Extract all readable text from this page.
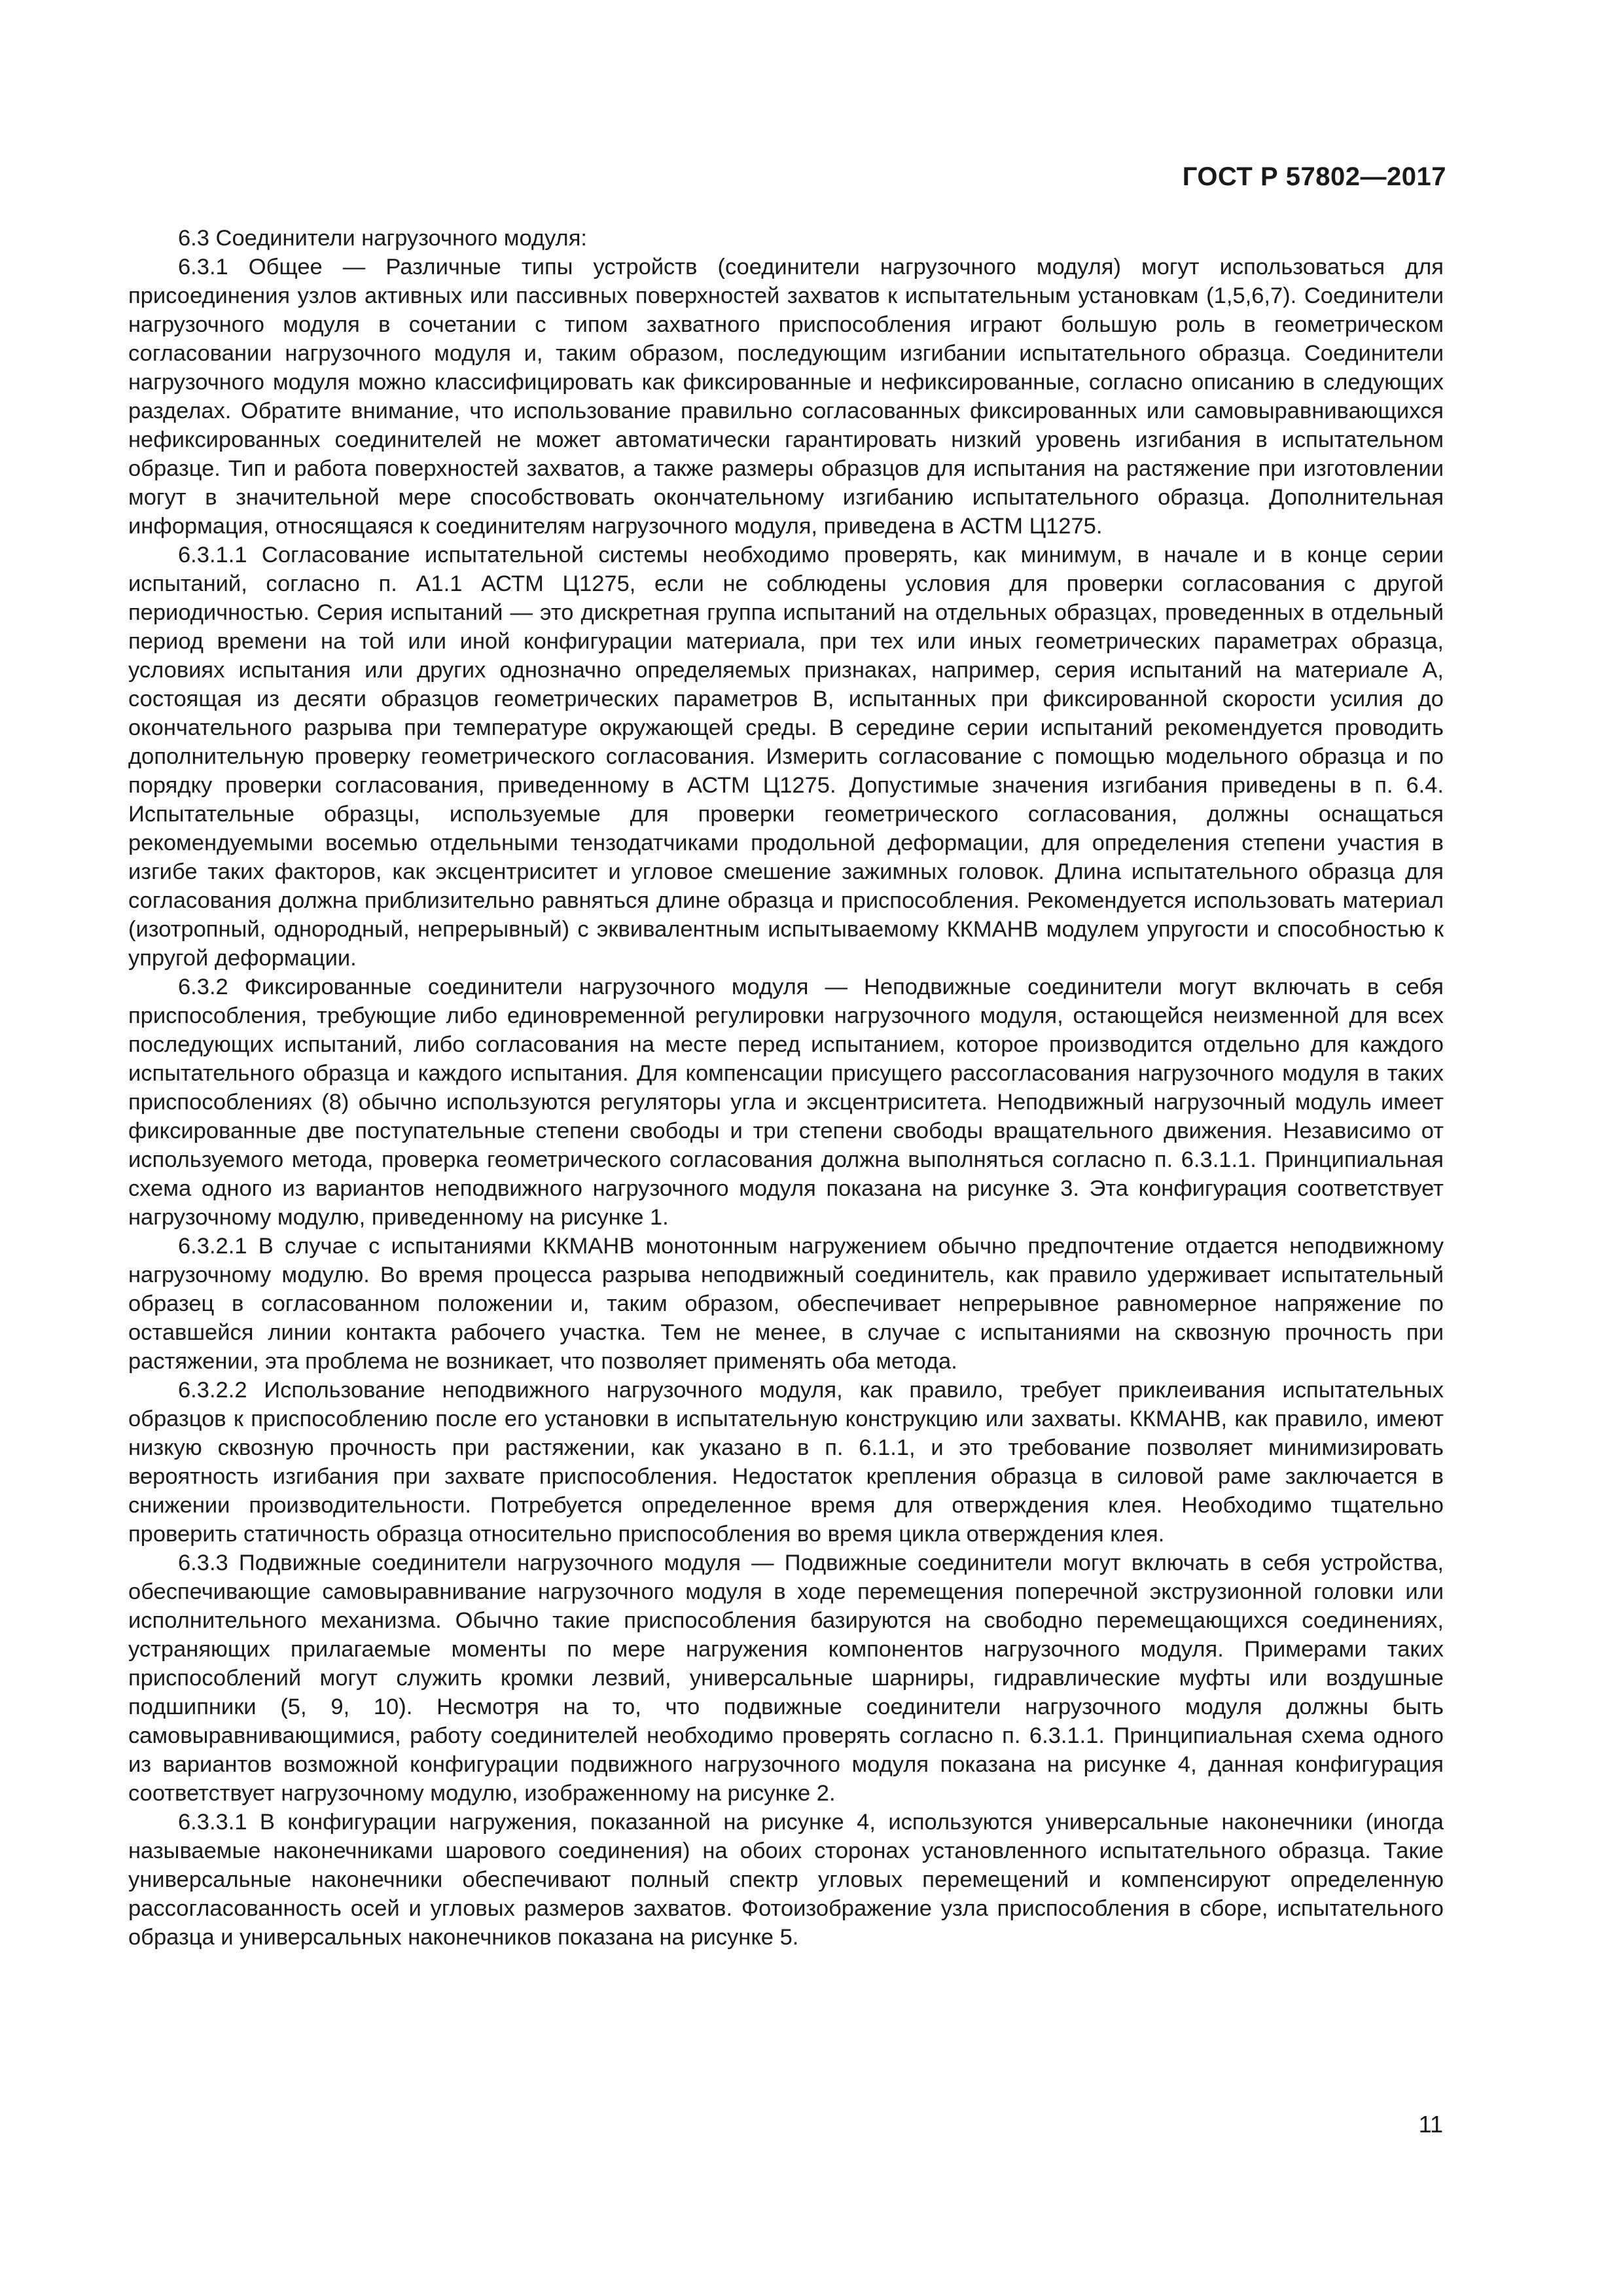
ГОСТ Р 57802—2017

6.3 Соединители нагрузочного модуля:

6.3.1 Общее — Различные типы устройств (соединители нагрузочного модуля) могут использоваться для присоединения узлов активных или пассивных поверхностей захватов к испытательным установкам (1,5,6,7). Соединители нагрузочного модуля в сочетании с типом захватного приспособления играют большую роль в геометрическом согласовании нагрузочного модуля и, таким образом, последующим изгибании испытательного образца. Соединители нагрузочного модуля можно классифицировать как фиксированные и нефиксированные, согласно описанию в следующих разделах. Обратите внимание, что использование правильно согласованных фиксированных или самовыравнивающихся нефиксированных соединителей не может автоматически гарантировать низкий уровень изгибания в испытательном образце. Тип и работа поверхностей захватов, а также размеры образцов для испытания на растяжение при изготовлении могут в значительной мере способствовать окончательному изгибанию испытательного образца. Дополнительная информация, относящаяся к соединителям нагрузочного модуля, приведена в АСТМ Ц1275.

6.3.1.1 Согласование испытательной системы необходимо проверять, как минимум, в начале и в конце серии испытаний, согласно п. А1.1 АСТМ Ц1275, если не соблюдены условия для проверки согласования с другой периодичностью. Серия испытаний — это дискретная группа испытаний на отдельных образцах, проведенных в отдельный период времени на той или иной конфигурации материала, при тех или иных геометрических параметрах образца, условиях испытания или других однозначно определяемых признаках, например, серия испытаний на материале А, состоящая из десяти образцов геометрических параметров В, испытанных при фиксированной скорости усилия до окончательного разрыва при температуре окружающей среды. В середине серии испытаний рекомендуется проводить дополнительную проверку геометрического согласования. Измерить согласование с помощью модельного образца и по порядку проверки согласования, приведенному в АСТМ Ц1275. Допустимые значения изгибания приведены в п. 6.4. Испытательные образцы, используемые для проверки геометрического согласования, должны оснащаться рекомендуемыми восемью отдельными тензодатчиками продольной деформации, для определения степени участия в изгибе таких факторов, как эксцентриситет и угловое смешение зажимных головок. Длина испытательного образца для согласования должна приблизительно равняться длине образца и приспособления. Рекомендуется использовать материал (изотропный, однородный, непрерывный) с эквивалентным испытываемому ККМАНВ модулем упругости и способностью к упругой деформации.

6.3.2 Фиксированные соединители нагрузочного модуля — Неподвижные соединители могут включать в себя приспособления, требующие либо единовременной регулировки нагрузочного модуля, остающейся неизменной для всех последующих испытаний, либо согласования на месте перед испытанием, которое производится отдельно для каждого испытательного образца и каждого испытания. Для компенсации присущего рассогласования нагрузочного модуля в таких приспособлениях (8) обычно используются регуляторы угла и эксцентриситета. Неподвижный нагрузочный модуль имеет фиксированные две поступательные степени свободы и три степени свободы вращательного движения. Независимо от используемого метода, проверка геометрического согласования должна выполняться согласно п. 6.3.1.1. Принципиальная схема одного из вариантов неподвижного нагрузочного модуля показана на рисунке 3. Эта конфигурация соответствует нагрузочному модулю, приведенному на рисунке 1.

6.3.2.1 В случае с испытаниями ККМАНВ монотонным нагружением обычно предпочтение отдается неподвижному нагрузочному модулю. Во время процесса разрыва неподвижный соединитель, как правило удерживает испытательный образец в согласованном положении и, таким образом, обеспечивает непрерывное равномерное напряжение по оставшейся линии контакта рабочего участка. Тем не менее, в случае с испытаниями на сквозную прочность при растяжении, эта проблема не возникает, что позволяет применять оба метода.

6.3.2.2 Использование неподвижного нагрузочного модуля, как правило, требует приклеивания испытательных образцов к приспособлению после его установки в испытательную конструкцию или захваты. ККМАНВ, как правило, имеют низкую сквозную прочность при растяжении, как указано в п. 6.1.1, и это требование позволяет минимизировать вероятность изгибания при захвате приспособления. Недостаток крепления образца в силовой раме заключается в снижении производительности. Потребуется определенное время для отверждения клея. Необходимо тщательно проверить статичность образца относительно приспособления во время цикла отверждения клея.

6.3.3 Подвижные соединители нагрузочного модуля — Подвижные соединители могут включать в себя устройства, обеспечивающие самовыравнивание нагрузочного модуля в ходе перемещения поперечной экструзионной головки или исполнительного механизма. Обычно такие приспособления базируются на свободно перемещающихся соединениях, устраняющих прилагаемые моменты по мере нагружения компонентов нагрузочного модуля. Примерами таких приспособлений могут служить кромки лезвий, универсальные шарниры, гидравлические муфты или воздушные подшипники (5, 9, 10). Несмотря на то, что подвижные соединители нагрузочного модуля должны быть самовыравнивающимися, работу соединителей необходимо проверять согласно п. 6.3.1.1. Принципиальная схема одного из вариантов возможной конфигурации подвижного нагрузочного модуля показана на рисунке 4, данная конфигурация соответствует нагрузочному модулю, изображенному на рисунке 2.

6.3.3.1 В конфигурации нагружения, показанной на рисунке 4, используются универсальные наконечники (иногда называемые наконечниками шарового соединения) на обоих сторонах установленного испытательного образца. Такие универсальные наконечники обеспечивают полный спектр угловых перемещений и компенсируют определенную рассогласованность осей и угловых размеров захватов. Фотоизображение узла приспособления в сборе, испытательного образца и универсальных наконечников показана на рисунке 5.

11
